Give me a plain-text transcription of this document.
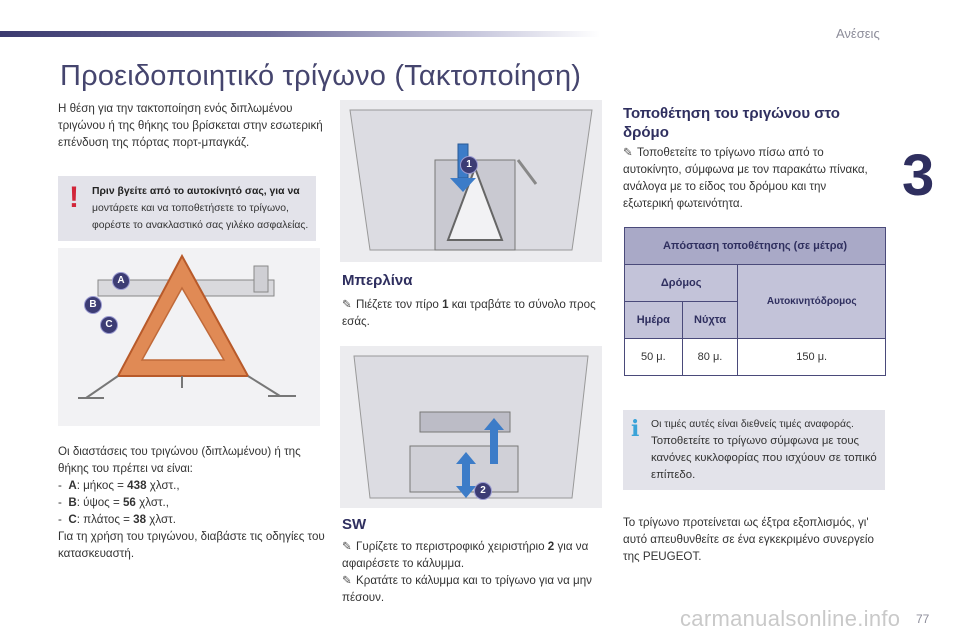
Ανέσεις
3
Προειδοποιητικό τρίγωνο (Τακτοποίηση)
Η θέση για την τακτοποίηση ενός διπλωμένου τριγώνου ή της θήκης του βρίσκεται στην εσωτερική επένδυση της πόρτας πορτ-μπαγκάζ.
! Πριν βγείτε από το αυτοκίνητό σας, για να μοντάρετε και να τοποθετήσετε το τρίγωνο, φορέστε το ανακλαστικό σας γιλέκο ασφαλείας.
A
B
C
Οι διαστάσεις του τριγώνου (διπλωμένου) ή της θήκης του πρέπει να είναι:
-  A: μήκος = 438 χλστ.,
-  B: ύψος = 56 χλστ.,
-  C: πλάτος = 38 χλστ.
Για τη χρήση του τριγώνου, διαβάστε τις οδηγίες του κατασκευαστή.
1
Μπερλίνα
✎ Πιέζετε τον πίρο 1 και τραβάτε το σύνολο προς εσάς.
2
SW
✎ Γυρίζετε το περιστροφικό χειριστήριο 2 για να αφαιρέσετε το κάλυμμα.
✎ Κρατάτε το κάλυμμα και το τρίγωνο για να μην πέσουν.
Τοποθέτηση του τριγώνου στο δρόμο
✎ Τοποθετείτε το τρίγωνο πίσω από το αυτοκίνητο, σύμφωνα με τον παρακάτω πίνακα, ανάλογα με το είδος του δρόμου και την εξωτερική φωτεινότητα.
Απόσταση τοποθέτησης (σε μέτρα)		
Δρόμος		Αυτοκινητόδρομος
Ημέρα	Νύχτα	
50 μ.	80 μ.	150 μ.
i Οι τιμές αυτές είναι διεθνείς τιμές αναφοράς.
Τοποθετείτε το τρίγωνο σύμφωνα με τους κανόνες κυκλοφορίας που ισχύουν σε τοπικό επίπεδο.
Το τρίγωνο προτείνεται ως έξτρα εξοπλισμός, γι' αυτό απευθυνθείτε σε ένα εγκεκριμένο συνεργείο της PEUGEOT.
carmanualsonline.info 77
